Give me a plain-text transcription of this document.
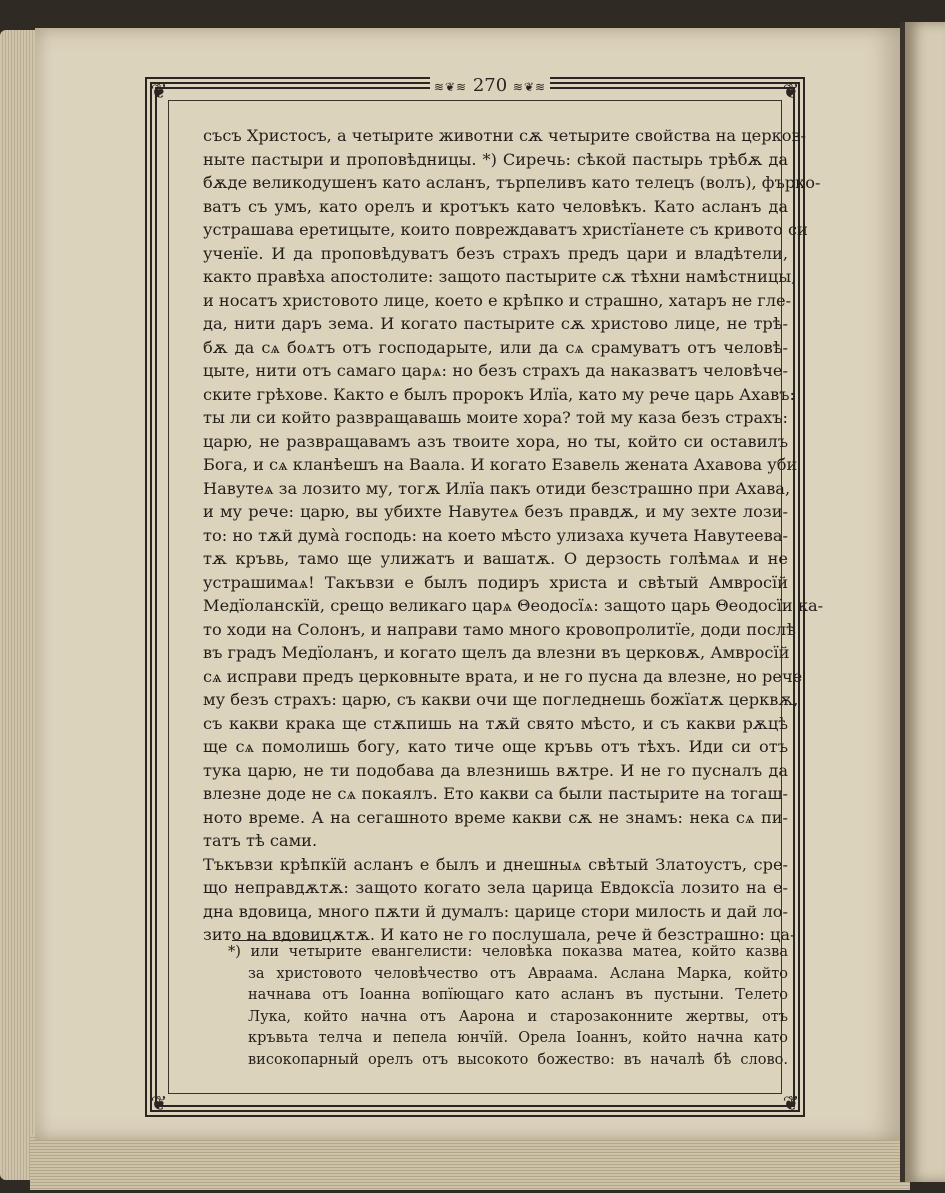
❦	❦
❦	❦
≋❦≋ 270 ≋❦≋
съсъ Христосъ, а четырите животни сѫ четырите свойства на церков-
ныте пастыри и проповѣдницы. *) Сиречь: сѣкой пастырь трѣбѫ да
бѫде великодушенъ като асланъ, търпеливъ като телецъ (волъ), фърко-
ватъ съ умъ, като орелъ и кротъкъ като человѣкъ. Като асланъ да
устрашава еретицыте, които повреждаватъ христїанете съ кривото си
ученїе. И да проповѣдуватъ безъ страхъ предъ цари и владѣтели,
както правѣха апостолите: защото пастырите сѫ тѣхни намѣстницы,
и носатъ христовото лице, което е крѣпко и страшно, хатаръ не гле-
да, нити даръ зема. И когато пастырите сѫ христово лице, не трѣ-
бѫ да сѧ боѧтъ отъ господарыте, или да сѧ срамуватъ отъ человѣ-
цыте, нити отъ самаго царѧ: но безъ страхъ да наказватъ человѣче-
ските грѣхове. Както е былъ пророкъ Илїа, като му рече царь Ахавъ:
ты ли си който развращавашь моите хора? той му каза безъ страхъ:
царю, не развращавамъ азъ твоите хора, но ты, който си оставилъ
Бога, и сѧ кланѣешъ на Ваала. И когато Езавель жената Ахавова уби
Навутеѧ за лозито му, тогѫ Илїа пакъ отиди безстрашно при Ахава,
и му рече: царю, вы убихте Навутеѧ безъ правдѫ, и му зехте лози-
то: но тѫй думà господь: на което мѣсто улизаха кучета Навутеева-
тѫ кръвь, тамо ще улижатъ и вашатѫ. О дерзость голѣмаѧ и не
устрашимаѧ! Такъвзи е былъ подиръ христа и свѣтый Амвросїй
Медїоланскїй, срещо великаго царѧ Θеодосїѧ: защото царь Θеодосїи ка-
то ходи на Солонъ, и направи тамо много кровопролитїе, доди послѣ
въ градъ Медїоланъ, и когато щелъ да влезни въ церковѫ, Амвросїй
сѧ исправи предъ церковныте врата, и не го пусна да влезне, но рече
му безъ страхъ: царю, съ какви очи ще погледнешь божїатѫ церквѫ,
съ какви крака ще стѫпишь на тѫй свято мѣсто, и съ какви рѫцѣ
ще сѧ помолишь богу, като тиче още кръвь отъ тѣхъ. Иди си отъ
тука царю, не ти подобава да влезнишь вѫтре. И не го пусналъ да
влезне доде не сѧ покаялъ. Ето какви са были пастырите на тогаш-
ното време. А на сегашното време какви сѫ не знамъ: нека сѧ пи-
татъ тѣ сами.
Тъкъвзи крѣпкїй асланъ е былъ и днешныѧ свѣтый Златоустъ, сре-
що неправдѫтѫ: защото когато зела царица Евдоксїа лозито на е-
дна вдовица, много пѫти й думалъ: царице стори милость и дай ло-
зито на вдовицѫтѫ. И като не го послушала, рече й безстрашно: ца-
*) или четырите евангелисти: человѣка показва матеа, който казва
за христовото человѣчество отъ Авраама. Аслана Марка, който
начнава отъ Іоанна вопїющаго като асланъ въ пустыни. Телето
Лука, който начна отъ Аарона и старозаконните жертвы, отъ
кръвьта телча и пепела юнчїй. Орела Іоаннъ, който начна като
високопарный орелъ отъ высокото божество: въ началѣ бѣ слово.
